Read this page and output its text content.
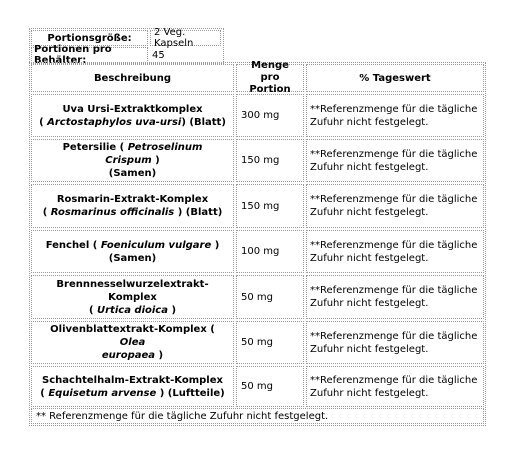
Portionsgröße:	2 Veg. Kapseln
Portionen pro Behälter:	45
Beschreibung
Menge pro Portion
% Tageswert
Uva Ursi-Extraktkomplex
( Arctostaphylos uva-ursi) (Blatt)
300 mg
**Referenzmenge für die tägliche Zufuhr nicht festgelegt.
Petersilie ( Petroselinum Crispum )
(Samen)
150 mg
**Referenzmenge für die tägliche Zufuhr nicht festgelegt.
Rosmarin-Extrakt-Komplex
( Rosmarinus officinalis ) (Blatt)
150 mg
**Referenzmenge für die tägliche Zufuhr nicht festgelegt.
Fenchel ( Foeniculum vulgare )
(Samen)
100 mg
**Referenzmenge für die tägliche Zufuhr nicht festgelegt.
Brennnesselwurzelextrakt-Komplex
( Urtica dioica )
50 mg
**Referenzmenge für die tägliche Zufuhr nicht festgelegt.
Olivenblattextrakt-Komplex ( Olea
europaea )
50 mg
**Referenzmenge für die tägliche Zufuhr nicht festgelegt.
Schachtelhalm-Extrakt-Komplex
( Equisetum arvense ) (Luftteile)
50 mg
**Referenzmenge für die tägliche Zufuhr nicht festgelegt.
** Referenzmenge für die tägliche Zufuhr nicht festgelegt.
